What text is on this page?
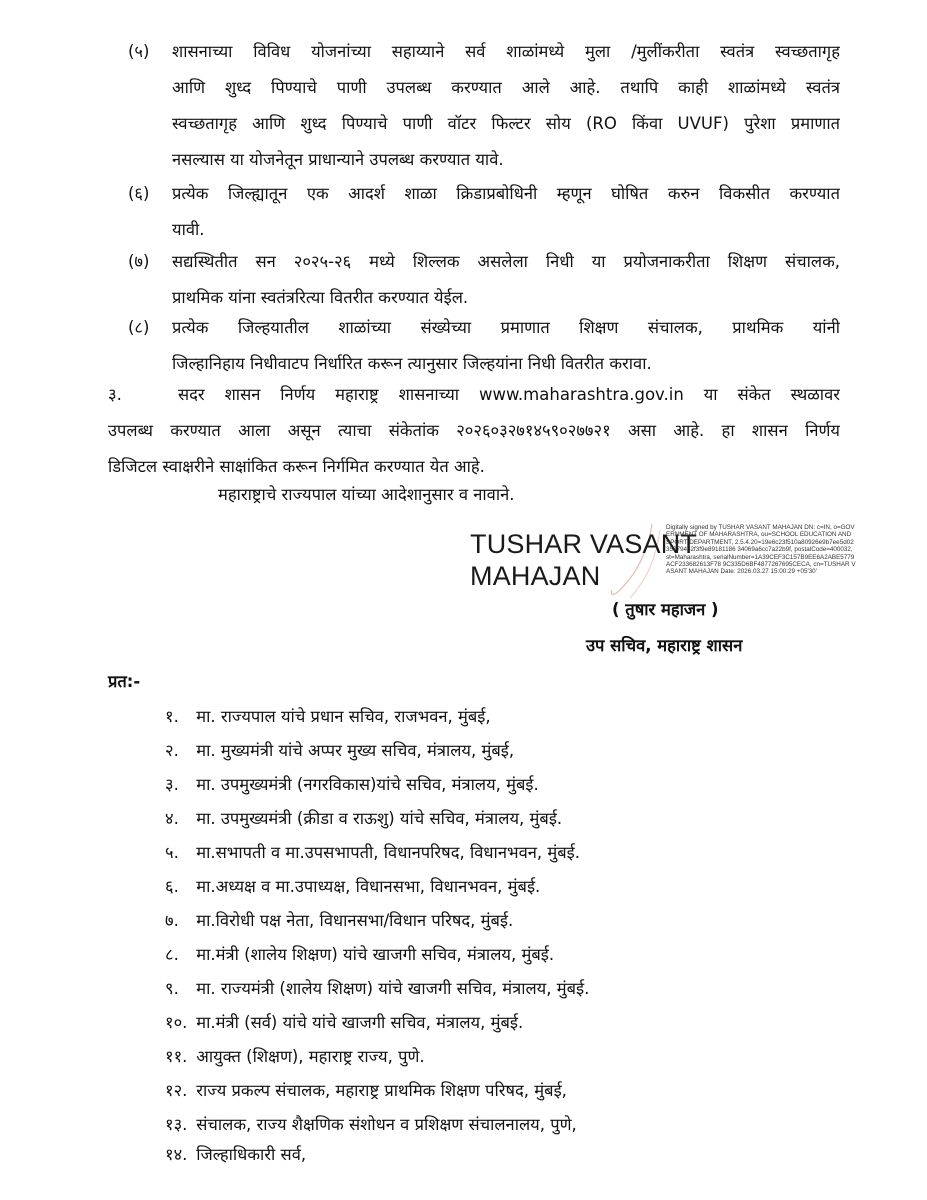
(५)	शासनाच्या विविध योजनांच्या सहाय्याने सर्व शाळांमध्ये मुला /मुलींकरीता स्वतंत्र स्वच्छतागृह
आणि शुध्द पिण्याचे पाणी उपलब्ध करण्यात आले आहे. तथापि काही शाळांमध्ये स्वतंत्र
स्वच्छतागृह आणि शुध्द पिण्याचे पाणी वॉटर फिल्टर सोय (RO किंवा UVUF) पुरेशा प्रमाणात
नसल्यास या योजनेतून प्राधान्याने उपलब्ध करण्यात यावे.
(६)	प्रत्येक जिल्ह्यातून एक आदर्श शाळा क्रिडाप्रबोधिनी म्हणून घोषित करुन विकसीत करण्यात
यावी.
(७)	सद्यस्थितीत सन २०२५-२६ मध्ये शिल्लक असलेला निधी या प्रयोजनाकरीता शिक्षण संचालक,
प्राथमिक यांना स्वतंत्ररित्या वितरीत करण्यात येईल.
(८)	प्रत्येक जिल्हयातील शाळांच्या संख्येच्या प्रमाणात शिक्षण संचालक, प्राथमिक यांनी
जिल्हानिहाय निधीवाटप निर्धारित करून त्यानुसार जिल्हयांना निधी वितरीत करावा.
३.	सदर शासन निर्णय महाराष्ट्र शासनाच्या www.maharashtra.gov.in या संकेत स्थळावर
उपलब्ध करण्यात आला असून त्याचा संकेतांक २०२६०३२७१४५९०२७७२१ असा आहे. हा शासन निर्णय
डिजिटल स्वाक्षरीने साक्षांकित करून निर्गमित करण्यात येत आहे.
महाराष्ट्राचे राज्यपाल यांच्या आदेशानुसार व नावाने.
TUSHAR VASANT
MAHAJAN
Digitally signed by TUSHAR VASANT MAHAJAN DN: c=IN, o=GOVERNMENT OF MAHARASHTRA, ou=SCHOOL EDUCATION AND SPORT DEPARTMENT, 2.5.4.20=19e6c23f510a80926e9b7ee5d0235979432f3f9e89181186 34069a6cc7a22b9f, postalCode=400032, st=Maharashtra, serialNumber=1A39CEF3C157B9EE6A2ABE5779ACF233682613F78 9C335D6BF4877267695CECA, cn=TUSHAR VASANT MAHAJAN Date: 2026.03.27 15:00:29 +05'30'
( तुषार महाजन )
उप सचिव, महाराष्ट्र शासन
प्रत:-
१. मा. राज्यपाल यांचे प्रधान सचिव, राजभवन, मुंबई,
२. मा. मुख्यमंत्री यांचे अप्पर मुख्य सचिव, मंत्रालय, मुंबई,
३. मा. उपमुख्यमंत्री (नगरविकास)यांचे सचिव, मंत्रालय, मुंबई.
४. मा. उपमुख्यमंत्री (क्रीडा व राऊशु) यांचे सचिव, मंत्रालय, मुंबई.
५. मा.सभापती व मा.उपसभापती, विधानपरिषद, विधानभवन, मुंबई.
६. मा.अध्यक्ष व मा.उपाध्यक्ष, विधानसभा, विधानभवन, मुंबई.
७. मा.विरोधी पक्ष नेता, विधानसभा/विधान परिषद, मुंबई.
८. मा.मंत्री (शालेय शिक्षण) यांचे खाजगी सचिव, मंत्रालय, मुंबई.
९. मा. राज्यमंत्री (शालेय शिक्षण) यांचे खाजगी सचिव, मंत्रालय, मुंबई.
१०. मा.मंत्री (सर्व) यांचे यांचे खाजगी सचिव, मंत्रालय, मुंबई.
११. आयुक्त (शिक्षण), महाराष्ट्र राज्य, पुणे.
१२. राज्य प्रकल्प संचालक, महाराष्ट्र प्राथमिक शिक्षण परिषद, मुंबई,
१३. संचालक, राज्य शैक्षणिक संशोधन व प्रशिक्षण संचालनालय, पुणे,
१४. जिल्हाधिकारी सर्व,
